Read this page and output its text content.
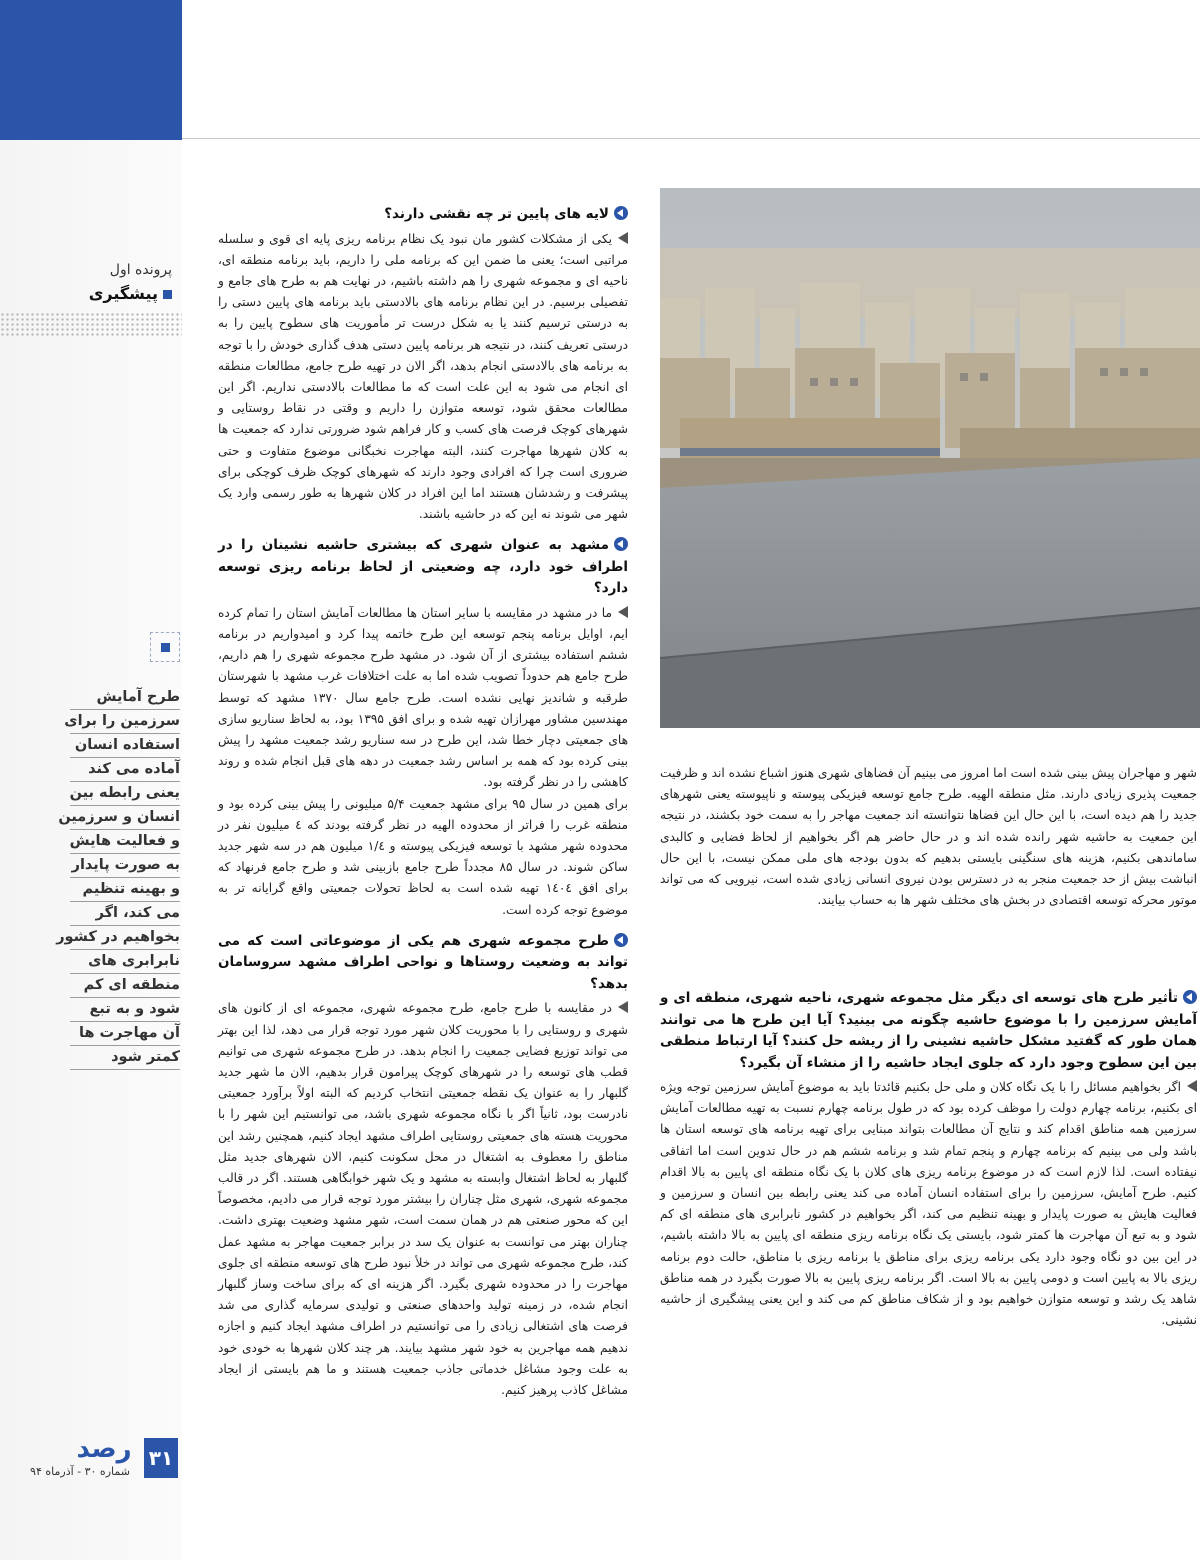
پرونده اول
پیشگیری
طرح آمایش
سرزمین را برای
استفاده انسان
آماده می کند
یعنی رابطه بین
انسان و سرزمین
و فعالیت هایش
به صورت پایدار
و بهینه تنظیم
می کند، اگر
بخواهیم در کشور
نابرابری های
منطقه ای کم
شود و به تبع
آن مهاجرت ها
کمتر شود
۳۱
رصد
شماره ۳۰ - آذرماه ۹۴
لایه های پایین تر چه نقشی دارند؟
یکی از مشکلات کشور مان نبود یک نظام برنامه ریزی پایه ای قوی و سلسله مراتبی است؛ یعنی ما ضمن این که برنامه ملی را داریم، باید برنامه منطقه ای، ناحیه ای و مجموعه شهری را هم داشته باشیم، در نهایت هم به طرح های جامع و تفصیلی برسیم. در این نظام برنامه های بالادستی باید برنامه های پایین دستی را به درستی ترسیم کنند یا به شکل درست تر مأموریت های سطوح پایین را به درستی تعریف کنند، در نتیجه هر برنامه پایین دستی هدف گذاری خودش را با توجه به برنامه های بالادستی انجام بدهد، اگر الان در تهیه طرح جامع، مطالعات منطقه ای انجام می شود به این علت است که ما مطالعات بالادستی نداریم. اگر این مطالعات محقق شود، توسعه متوازن را داریم و وقتی در نقاط روستایی و شهرهای کوچک فرصت های کسب و کار فراهم شود ضرورتی ندارد که جمعیت ها به کلان شهرها مهاجرت کنند، البته مهاجرت نخبگانی موضوع متفاوت و حتی ضروری است چرا که افرادی وجود دارند که شهرهای کوچک ظرف کوچکی برای پیشرفت و رشدشان هستند اما این افراد در کلان شهرها به طور رسمی وارد یک شهر می شوند نه این که در حاشیه باشند.
مشهد به عنوان شهری که بیشتری حاشیه نشینان را در اطراف خود دارد، چه وضعیتی از لحاظ برنامه ریزی توسعه دارد؟
ما در مشهد در مقایسه با سایر استان ها مطالعات آمایش استان را تمام کرده ایم، اوایل برنامه پنجم توسعه این طرح خاتمه پیدا کرد و امیدواریم در برنامه ششم استفاده بیشتری از آن شود. در مشهد طرح مجموعه شهری را هم داریم، طرح جامع هم حدوداً تصویب شده اما به علت اختلافات غرب مشهد با شهرستان طرقبه و شاندیز نهایی نشده است. طرح جامع سال ۱۳۷۰ مشهد که توسط مهندسین مشاور مهرازان تهیه شده و برای افق ۱۳۹۵ بود، به لحاظ سناریو سازی های جمعیتی دچار خطا شد، این طرح در سه سناریو رشد جمعیت مشهد را پیش بینی کرده بود که همه بر اساس رشد جمعیت در دهه های قبل انجام شده و روند کاهشی را در نظر گرفته بود.
برای همین در سال ۹۵ برای مشهد جمعیت ۵/۴ میلیونی را پیش بینی کرده بود و منطقه غرب را فراتر از محدوده الهیه در نظر گرفته بودند که ٤ میلیون نفر در محدوده شهر مشهد با توسعه فیزیکی پیوسته و ۱/٤ میلیون هم در سه شهر جدید ساکن شوند. در سال ۸۵ مجدداً طرح جامع بازبینی شد و طرح جامع فرنهاد که برای افق ۱٤۰٤ تهیه شده است به لحاظ تحولات جمعیتی واقع گرایانه تر به موضوع توجه کرده است.
طرح مجموعه شهری هم یکی از موضوعاتی است که می تواند به وضعیت روستاها و نواحی اطراف مشهد سروسامان بدهد؟
در مقایسه با طرح جامع، طرح مجموعه شهری، مجموعه ای از کانون های شهری و روستایی را با محوریت کلان شهر مورد توجه قرار می دهد، لذا این بهتر می تواند توزیع فضایی جمعیت را انجام بدهد. در طرح مجموعه شهری می توانیم قطب های توسعه را در شهرهای کوچک پیرامون قرار بدهیم، الان ما شهر جدید گلبهار را به عنوان یک نقطه جمعیتی انتخاب کردیم که البته اولاً برآورد جمعیتی نادرست بود، ثانیاً اگر با نگاه مجموعه شهری باشد، می توانستیم این شهر را با محوریت هسته های جمعیتی روستایی اطراف مشهد ایجاد کنیم، همچنین رشد این مناطق را معطوف به اشتغال در محل سکونت کنیم، الان شهرهای جدید مثل گلبهار به لحاظ اشتغال وابسته به مشهد و یک شهر خوابگاهی هستند. اگر در قالب مجموعه شهری، شهری مثل چناران را بیشتر مورد توجه قرار می دادیم، مخصوصاً این که محور صنعتی هم در همان سمت است، شهر مشهد وضعیت بهتری داشت. چناران بهتر می توانست به عنوان یک سد در برابر جمعیت مهاجر به مشهد عمل کند، طرح مجموعه شهری می تواند در خلأ نبود طرح های توسعه منطقه ای جلوی مهاجرت را در محدوده شهری بگیرد. اگر هزینه ای که برای ساخت وساز گلبهار انجام شده، در زمینه تولید واحدهای صنعتی و تولیدی سرمایه گذاری می شد فرصت های اشتغالی زیادی را می توانستیم در اطراف مشهد ایجاد کنیم و اجازه ندهیم همه مهاجرین به خود شهر مشهد بیایند. هر چند کلان شهرها به خودی خود به علت وجود مشاغل خدماتی جاذب جمعیت هستند و ما هم بایستی از ایجاد مشاغل کاذب پرهیز کنیم.
شهر و مهاجران پیش بینی شده است اما امروز می بینیم آن فضاهای شهری هنوز اشباع نشده اند و ظرفیت جمعیت پذیری زیادی دارند. مثل منطقه الهیه. طرح جامع توسعه فیزیکی پیوسته و ناپیوسته یعنی شهرهای جدید را هم دیده است، با این حال این فضاها نتوانسته اند جمعیت مهاجر را به سمت خود بکشند، در نتیجه این جمعیت به حاشیه شهر رانده شده اند و در حال حاضر هم اگر بخواهیم از لحاظ فضایی و کالبدی ساماندهی بکنیم، هزینه های سنگینی بایستی بدهیم که بدون بودجه های ملی ممکن نیست، با این حال انباشت بیش از حد جمعیت منجر به در دسترس بودن نیروی انسانی زیادی شده است، نیرویی که می تواند موتور محرکه توسعه اقتصادی در بخش های مختلف شهر ها به حساب بیایند.
تأثیر طرح های توسعه ای دیگر مثل مجموعه شهری، ناحیه شهری، منطقه ای و آمایش سرزمین را با موضوع حاشیه چگونه می بینید؟ آیا این طرح ها می توانند همان طور که گفتید مشکل حاشیه نشینی را از ریشه حل کنند؟ آیا ارتباط منطقی بین این سطوح وجود دارد که جلوی ایجاد حاشیه را از منشاء آن بگیرد؟
اگر بخواهیم مسائل را با یک نگاه کلان و ملی حل بکنیم قائدتا باید به موضوع آمایش سرزمین توجه ویژه ای بکنیم، برنامه چهارم دولت را موظف کرده بود که در طول برنامه چهارم نسبت به تهیه مطالعات آمایش سرزمین همه مناطق اقدام کند و نتایج آن مطالعات بتواند مبنایی برای تهیه برنامه های توسعه استان ها باشد ولی می بینیم که برنامه چهارم و پنجم تمام شد و برنامه ششم هم در حال تدوین است اما اتفاقی نیفتاده است. لذا لازم است که در موضوع برنامه ریزی های کلان با یک نگاه منطقه ای پایین به بالا اقدام کنیم. طرح آمایش، سرزمین را برای استفاده انسان آماده می کند یعنی رابطه بین انسان و سرزمین و فعالیت هایش به صورت پایدار و بهینه تنظیم می کند، اگر بخواهیم در کشور نابرابری های منطقه ای کم شود و به تبع آن مهاجرت ها کمتر شود، بایستی یک نگاه برنامه ریزی منطقه ای پایین به بالا داشته باشیم، در این بین دو نگاه وجود دارد یکی برنامه ریزی برای مناطق یا برنامه ریزی با مناطق، حالت دوم برنامه ریزی بالا به پایین است و دومی پایین به بالا است. اگر برنامه ریزی پایین به بالا صورت بگیرد در همه مناطق شاهد یک رشد و توسعه متوازن خواهیم بود و از شکاف مناطق کم می کند و این یعنی پیشگیری از حاشیه نشینی.
